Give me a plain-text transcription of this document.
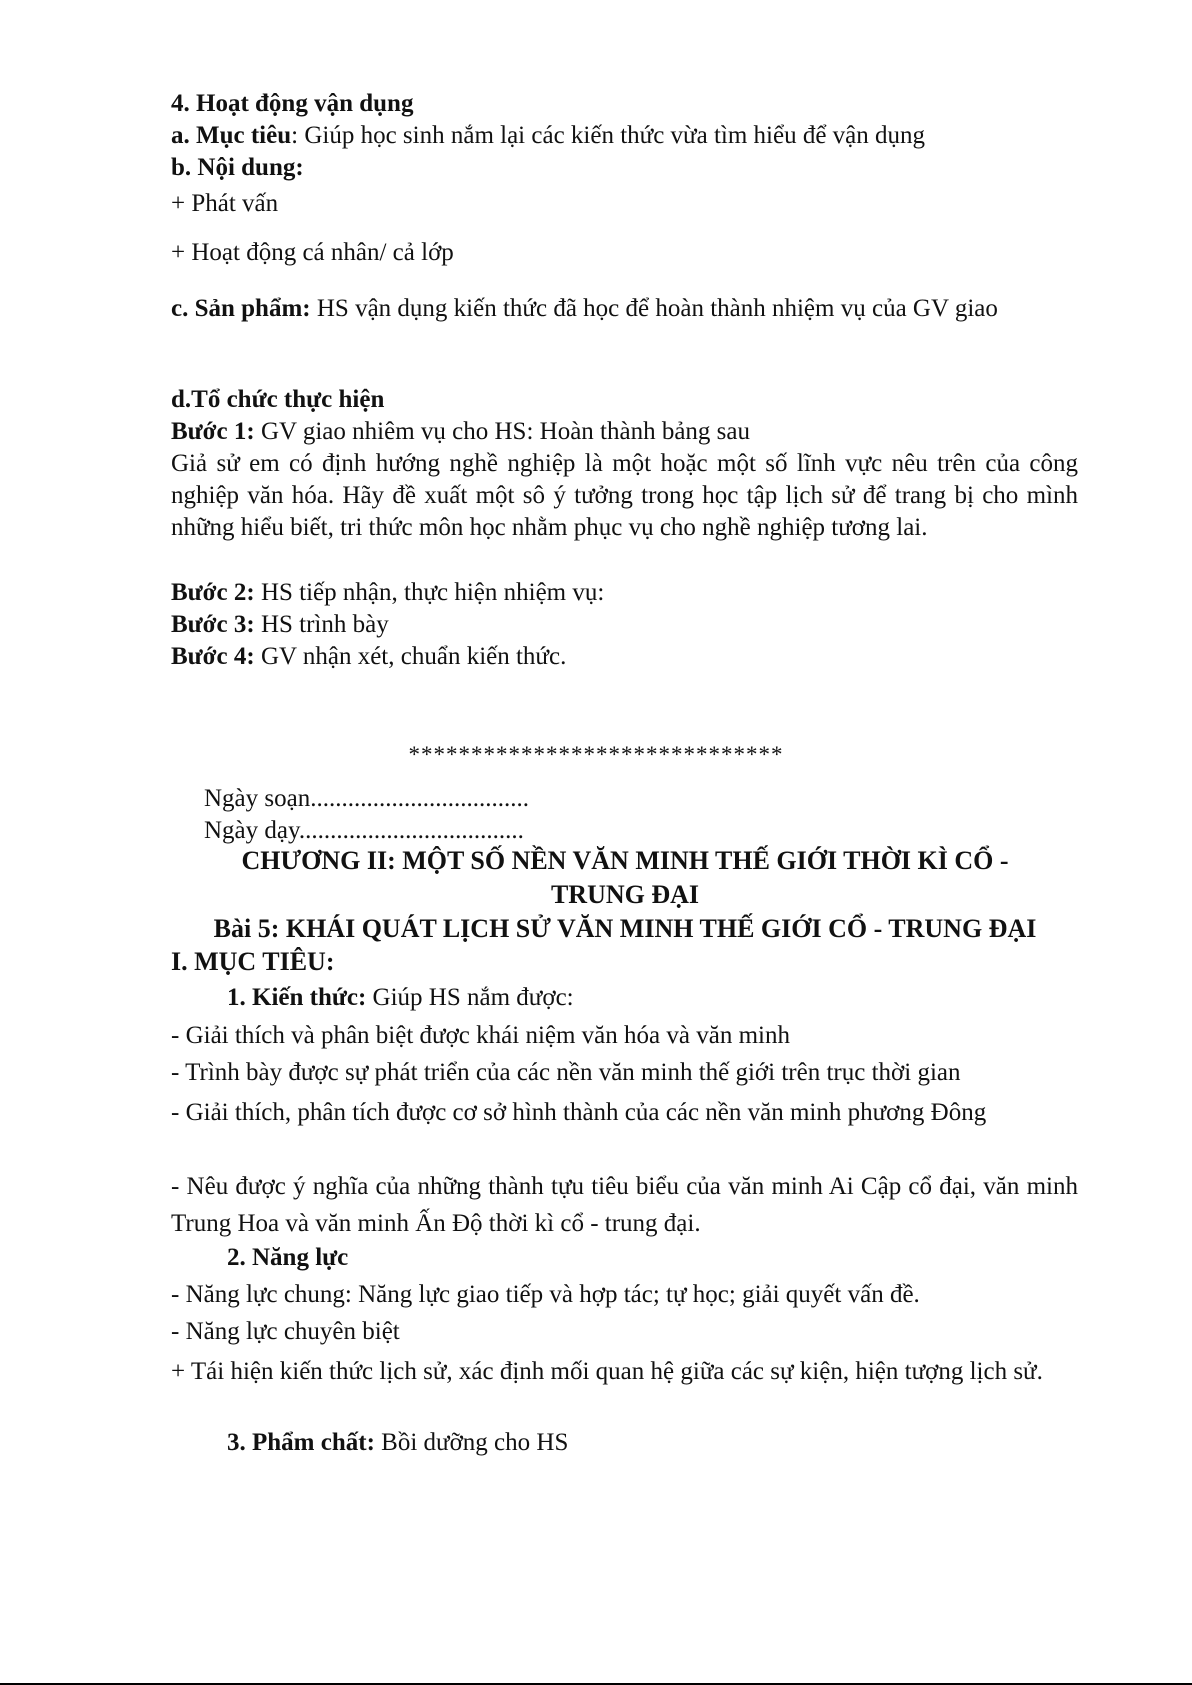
4. Hoạt động vận dụng
a. Mục tiêu: Giúp học sinh nắm lại các kiến thức vừa tìm hiểu để vận dụng
b. Nội dung:
+ Phát vấn
+ Hoạt động cá nhân/ cả lớp
c. Sản phẩm: HS vận dụng kiến thức đã học để hoàn thành nhiệm vụ của GV giao
d.Tổ chức thực hiện
Bước 1: GV giao nhiêm vụ cho HS: Hoàn thành bảng sau
Giả sử em có định hướng nghề nghiệp là một hoặc một số lĩnh vực nêu trên của công nghiệp văn hóa. Hãy đề xuất một sô ý tưởng trong học tập lịch sử để trang bị cho mình những hiểu biết, tri thức môn học nhằm phục vụ cho nghề nghiệp tương lai.
Bước 2: HS tiếp nhận, thực hiện nhiệm vụ:
Bước 3: HS trình bày
Bước 4: GV nhận xét, chuẩn kiến thức.
******************************
Ngày soạn...................................
Ngày dạy....................................
CHƯƠNG II: MỘT SỐ NỀN VĂN MINH THẾ GIỚI THỜI KÌ CỔ -
TRUNG ĐẠI
Bài 5: KHÁI QUÁT LỊCH SỬ VĂN MINH THẾ GIỚI CỔ - TRUNG ĐẠI
I. MỤC TIÊU:
1. Kiến thức: Giúp HS nắm được:
- Giải thích và phân biệt được khái niệm văn hóa và văn minh
- Trình bày được sự phát triển của các nền văn minh thế giới trên trục thời gian
- Giải thích, phân tích được cơ sở hình thành của các nền văn minh phương Đông
- Nêu được ý nghĩa của những thành tựu tiêu biểu của văn minh Ai Cập cổ đại, văn minh Trung Hoa và văn minh Ấn Độ thời kì cổ - trung đại.
2. Năng lực
- Năng lực chung: Năng lực giao tiếp và hợp tác; tự học; giải quyết vấn đề.
- Năng lực chuyên biệt
+ Tái hiện kiến thức lịch sử, xác định mối quan hệ giữa các sự kiện, hiện tượng lịch sử.
3. Phẩm chất: Bồi dưỡng cho HS
